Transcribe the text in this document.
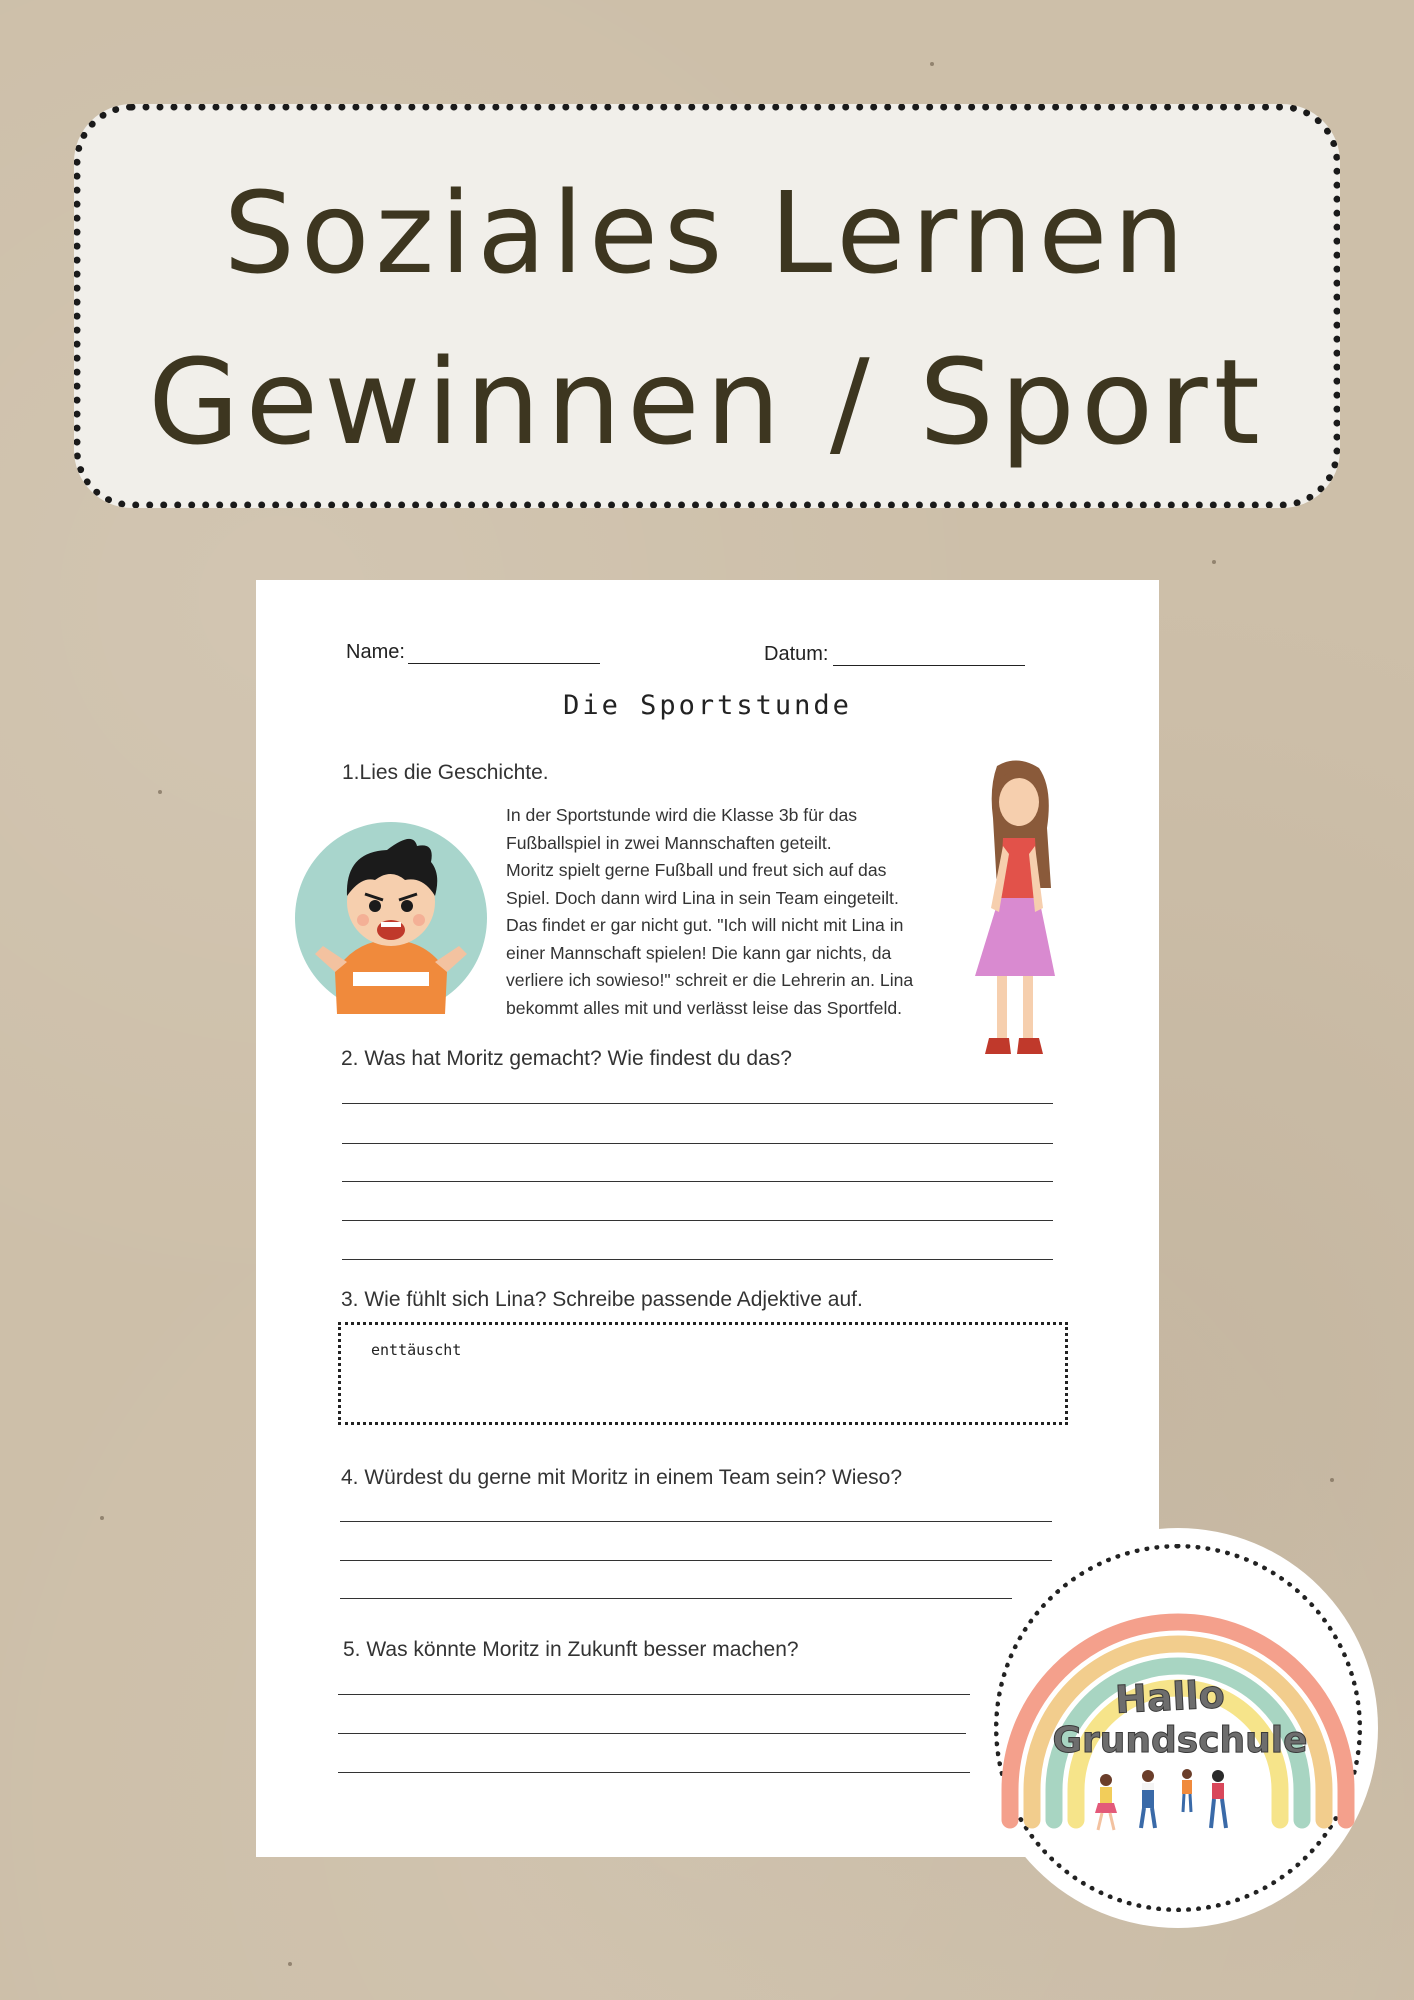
Soziales Lernen
Gewinnen / Sport
Name:	Datum:
Die Sportstunde
1.Lies die Geschichte.
In der Sportstunde wird die Klasse 3b für das
Fußballspiel in zwei Mannschaften geteilt.
Moritz spielt gerne Fußball und freut sich auf das
Spiel. Doch dann wird Lina in sein Team eingeteilt.
Das findet er gar nicht gut. "Ich will nicht mit Lina in
einer Mannschaft spielen! Die kann gar nichts, da
verliere ich sowieso!" schreit er die Lehrerin an. Lina
bekommt alles mit und verlässt leise das Sportfeld.
2. Was hat Moritz gemacht? Wie findest du das?
3. Wie fühlt sich Lina? Schreibe passende Adjektive auf.
enttäuscht
4. Würdest du gerne mit Moritz in einem Team sein? Wieso?
5. Was könnte Moritz in Zukunft besser machen?
Hallo
Grundschule
